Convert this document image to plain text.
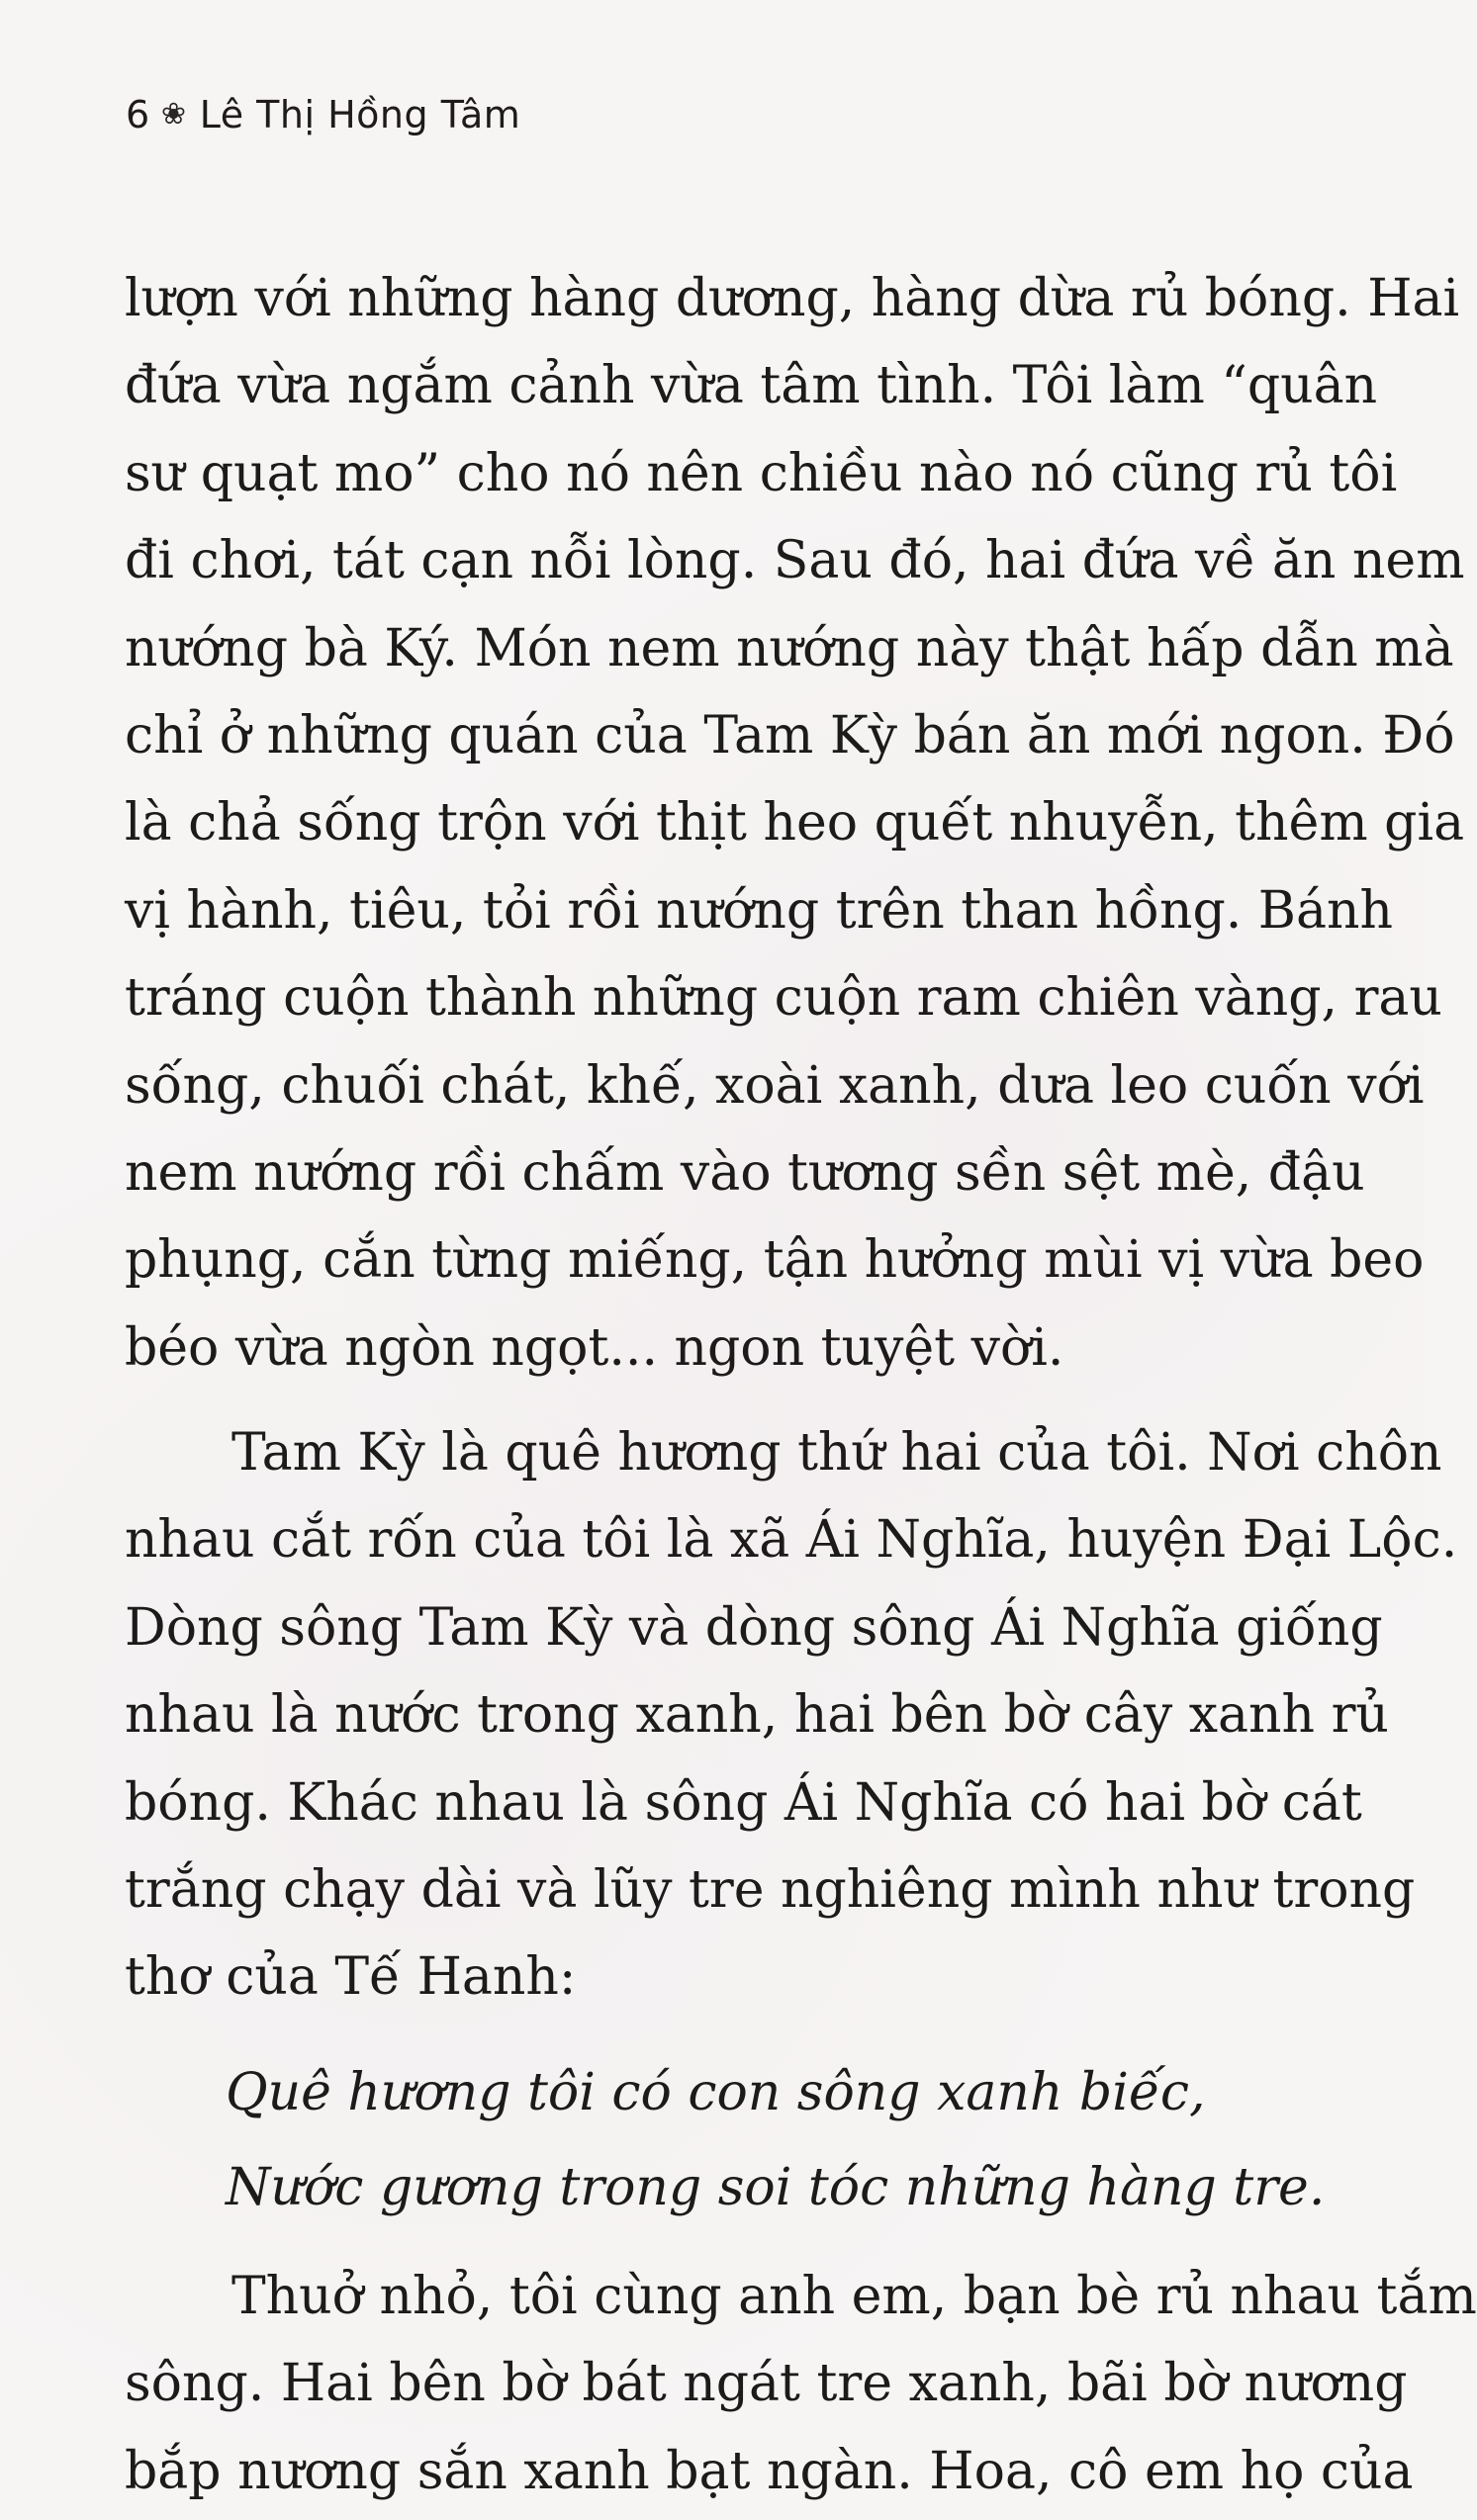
6 ❀ Lê Thị Hồng Tâm
lượn với những hàng dương, hàng dừa rủ bóng. Hai
đứa vừa ngắm cảnh vừa tâm tình. Tôi làm “quân
sư quạt mo” cho nó nên chiều nào nó cũng rủ tôi
đi chơi, tát cạn nỗi lòng. Sau đó, hai đứa về ăn nem
nướng bà Ký. Món nem nướng này thật hấp dẫn mà
chỉ ở những quán của Tam Kỳ bán ăn mới ngon. Đó
là chả sống trộn với thịt heo quết nhuyễn, thêm gia
vị hành, tiêu, tỏi rồi nướng trên than hồng. Bánh
tráng cuộn thành những cuộn ram chiên vàng, rau
sống, chuối chát, khế, xoài xanh, dưa leo cuốn với
nem nướng rồi chấm vào tương sền sệt mè, đậu
phụng, cắn từng miếng, tận hưởng mùi vị vừa beo
béo vừa ngòn ngọt... ngon tuyệt vời.
Tam Kỳ là quê hương thứ hai của tôi. Nơi chôn
nhau cắt rốn của tôi là xã Ái Nghĩa, huyện Đại Lộc.
Dòng sông Tam Kỳ và dòng sông Ái Nghĩa giống
nhau là nước trong xanh, hai bên bờ cây xanh rủ
bóng. Khác nhau là sông Ái Nghĩa có hai bờ cát
trắng chạy dài và lũy tre nghiêng mình như trong
thơ của Tế Hanh:
Quê hương tôi có con sông xanh biếc,
Nước gương trong soi tóc những hàng tre.
Thuở nhỏ, tôi cùng anh em, bạn bè rủ nhau tắm
sông. Hai bên bờ bát ngát tre xanh, bãi bờ nương
bắp nương sắn xanh bạt ngàn. Hoa, cô em họ của
